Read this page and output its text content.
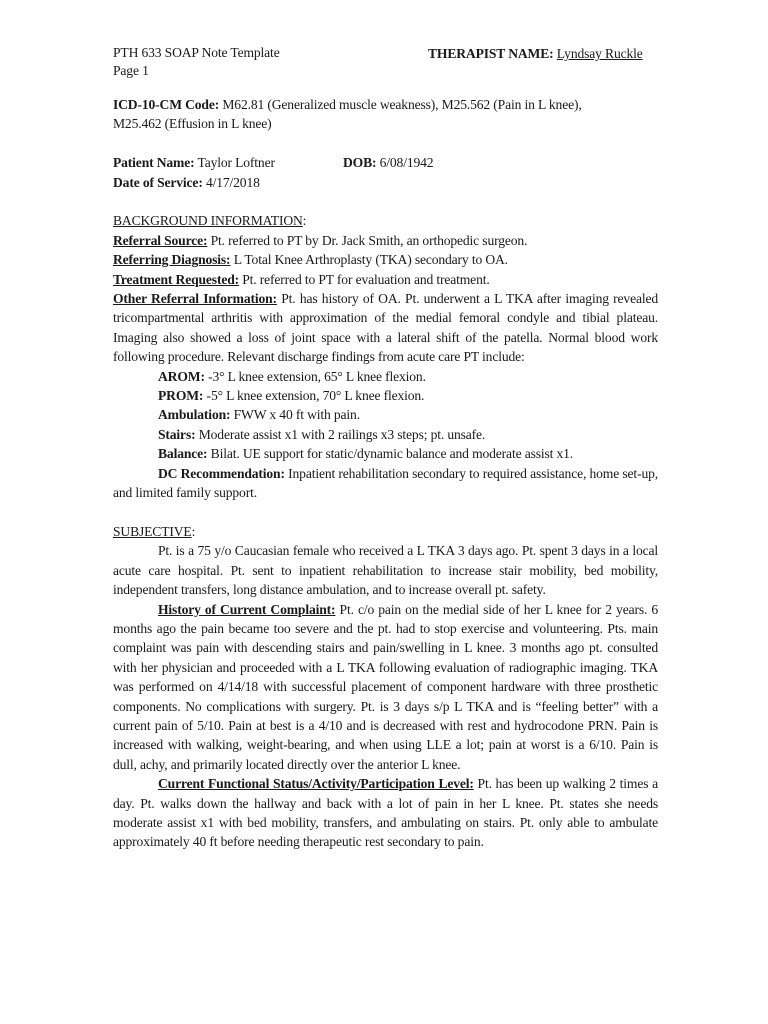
PTH 633 SOAP Note Template
Page 1
THERAPIST NAME: Lyndsay Ruckle

ICD-10-CM Code: M62.81 (Generalized muscle weakness), M25.562 (Pain in L knee),
M25.462 (Effusion in L knee)

Patient Name: Taylor Loftner	DOB: 6/08/1942

Date of Service: 4/17/2018

BACKGROUND INFORMATION:

Referral Source: Pt. referred to PT by Dr. Jack Smith, an orthopedic surgeon.

Referring Diagnosis: L Total Knee Arthroplasty (TKA) secondary to OA.

Treatment Requested: Pt. referred to PT for evaluation and treatment.

Other Referral Information: Pt. has history of OA. Pt. underwent a L TKA after imaging revealed tricompartmental arthritis with approximation of the medial femoral condyle and tibial plateau. Imaging also showed a loss of joint space with a lateral shift of the patella. Normal blood work following procedure. Relevant discharge findings from acute care PT include:

AROM: -3° L knee extension, 65° L knee flexion.

PROM: -5° L knee extension, 70° L knee flexion.

Ambulation: FWW x 40 ft with pain.

Stairs: Moderate assist x1 with 2 railings x3 steps; pt. unsafe.

Balance: Bilat. UE support for static/dynamic balance and moderate assist x1.

DC Recommendation: Inpatient rehabilitation secondary to required assistance, home set-up, and limited family support.

SUBJECTIVE:

Pt. is a 75 y/o Caucasian female who received a L TKA 3 days ago. Pt. spent 3 days in a local acute care hospital. Pt. sent to inpatient rehabilitation to increase stair mobility, bed mobility, independent transfers, long distance ambulation, and to increase overall pt. safety.

History of Current Complaint: Pt. c/o pain on the medial side of her L knee for 2 years. 6 months ago the pain became too severe and the pt. had to stop exercise and volunteering. Pts. main complaint was pain with descending stairs and pain/swelling in L knee. 3 months ago pt. consulted with her physician and proceeded with a L TKA following evaluation of radiographic imaging. TKA was performed on 4/14/18 with successful placement of component hardware with three prosthetic components. No complications with surgery. Pt. is 3 days s/p L TKA and is “feeling better” with a current pain of 5/10. Pain at best is a 4/10 and is decreased with rest and hydrocodone PRN. Pain is increased with walking, weight-bearing, and when using LLE a lot; pain at worst is a 6/10. Pain is dull, achy, and primarily located directly over the anterior L knee.

Current Functional Status/Activity/Participation Level: Pt. has been up walking 2 times a day. Pt. walks down the hallway and back with a lot of pain in her L knee. Pt. states she needs moderate assist x1 with bed mobility, transfers, and ambulating on stairs. Pt. only able to ambulate approximately 40 ft before needing therapeutic rest secondary to pain.
